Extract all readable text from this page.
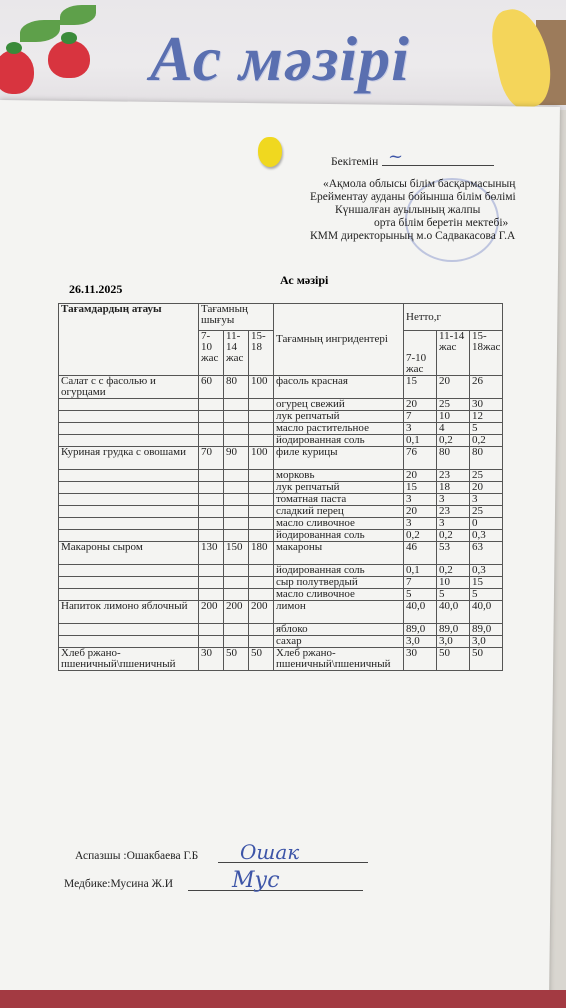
Ас мәзірі
Бекітемін ~
«Ақмола облысы білім басқармасының
Ерейментау ауданы бойынша білім бөлімі
Күншалған ауылының жалпы
орта білім беретін мектебі»
КММ директорының м.о Садвакасова Г.А
Ас мәзірі
26.11.2025
Тағамдардың атауы	Тағамның шығуы			Тағамның ингридентері	Нетто,г		
	7-10 жас	11-14 жас	15-18		7-10 жас	11-14 жас	15-18жас
Салат с с фасолью и огурцами	60	80	100	фасоль красная	15	20	26
				огурец свежий	20	25	30
				лук репчатый	7	10	12
				масло растительное	3	4	5
				йодированная соль	0,1	0,2	0,2
Куриная грудка с овошами	70	90	100	филе курицы	76	80	80
				морковь	20	23	25
				лук репчатый	15	18	20
				томатная паста	3	3	3
				сладкий перец	20	23	25
				масло сливочное	3	3	0
				йодированная соль	0,2	0,2	0,3
Макароны сыром	130	150	180	макароны	46	53	63
				йодированная соль	0,1	0,2	0,3
				сыр полутвердый	7	10	15
				масло сливочное	5	5	5
Напиток лимоно яблочный	200	200	200	лимон	40,0	40,0	40,0
				яблоко	89,0	89,0	89,0
				сахар	3,0	3,0	3,0
Хлеб ржано-пшеничный\пшеничный	30	50	50	Хлеб ржано-пшеничный\пшеничный	30	50	50
Аспазшы :Ошакбаева Г.Б Ошак
Медбике:Мусина Ж.И	Мус
